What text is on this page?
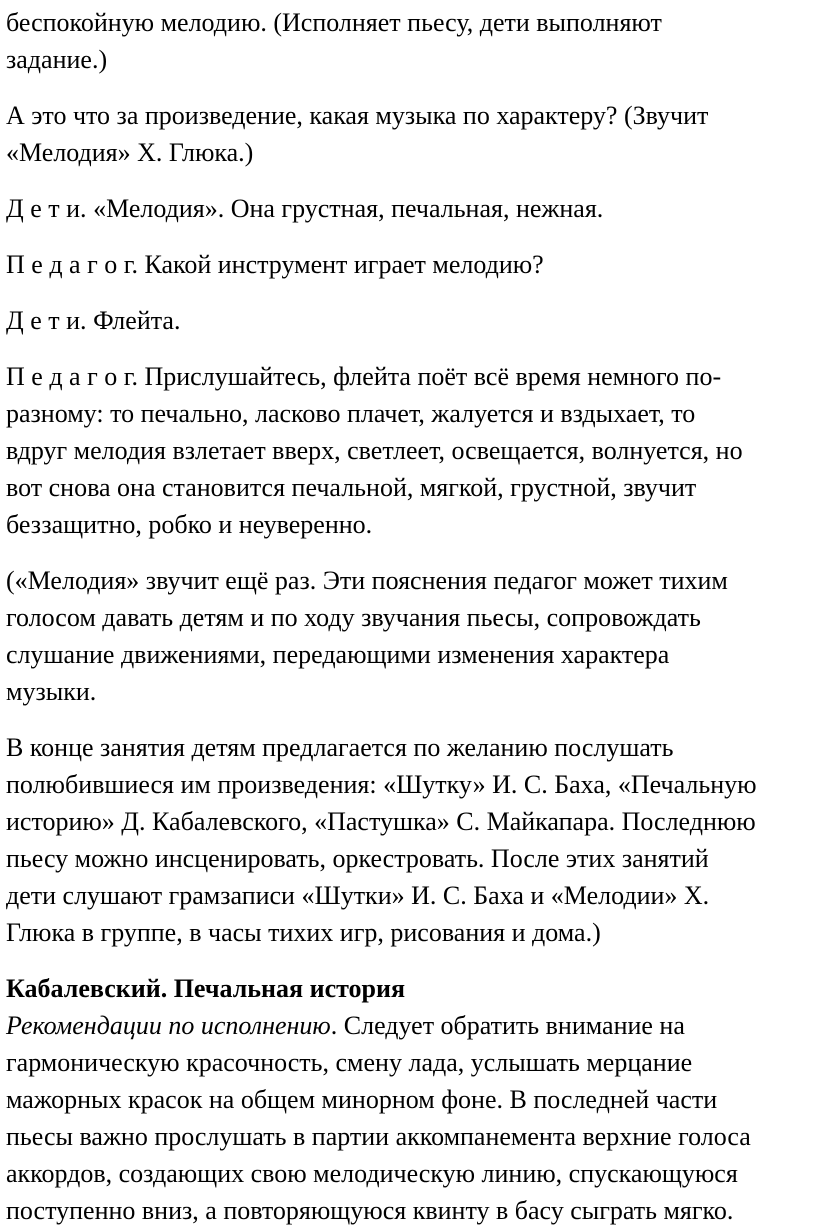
беспокойную мелодию. (Исполняет пьесу, дети выполняют
задание.)

А это что за произведение, какая музыка по характеру? (Звучит
«Мелодия» Х. Глюка.)

Д е т и. «Мелодия». Она грустная, печальная, нежная.

П е д а г о г. Какой инструмент играет мелодию?

Д е т и. Флейта.

П е д а г о г. Прислушайтесь, флейта поёт всё время немного по-
разному: то печально, ласково плачет, жалуется и вздыхает, то
вдруг мелодия взлетает вверх, светлеет, освещается, волнуется, но
вот снова она становится печальной, мягкой, грустной, звучит
беззащитно, робко и неуверенно.

(«Мелодия» звучит ещё раз. Эти пояснения педагог может тихим
голосом давать детям и по ходу звучания пьесы, сопровождать
слушание движениями, передающими изменения характера
музыки.

В конце занятия детям предлагается по желанию послушать
полюбившиеся им произведения: «Шутку» И. С. Баха, «Печальную
историю» Д. Кабалевского, «Пастушка» С. Майкапара. Последнюю
пьесу можно инсценировать, оркестровать. После этих занятий
дети слушают грамзаписи «Шутки» И. С. Баха и «Мелодии» Х.
Глюка в группе, в часы тихих игр, рисования и дома.)

Кабалевский. Печальная история

Рекомендации по исполнению. Следует обратить внимание на
гармоническую красочность, смену лада, услышать мерцание
мажорных красок на общем минорном фоне. В последней части
пьесы важно прослушать в партии аккомпанемента верхние голоса
аккордов, создающих свою мелодическую линию, спускающуюся
поступенно вниз, а повторяющуюся квинту в басу сыграть мягко.
